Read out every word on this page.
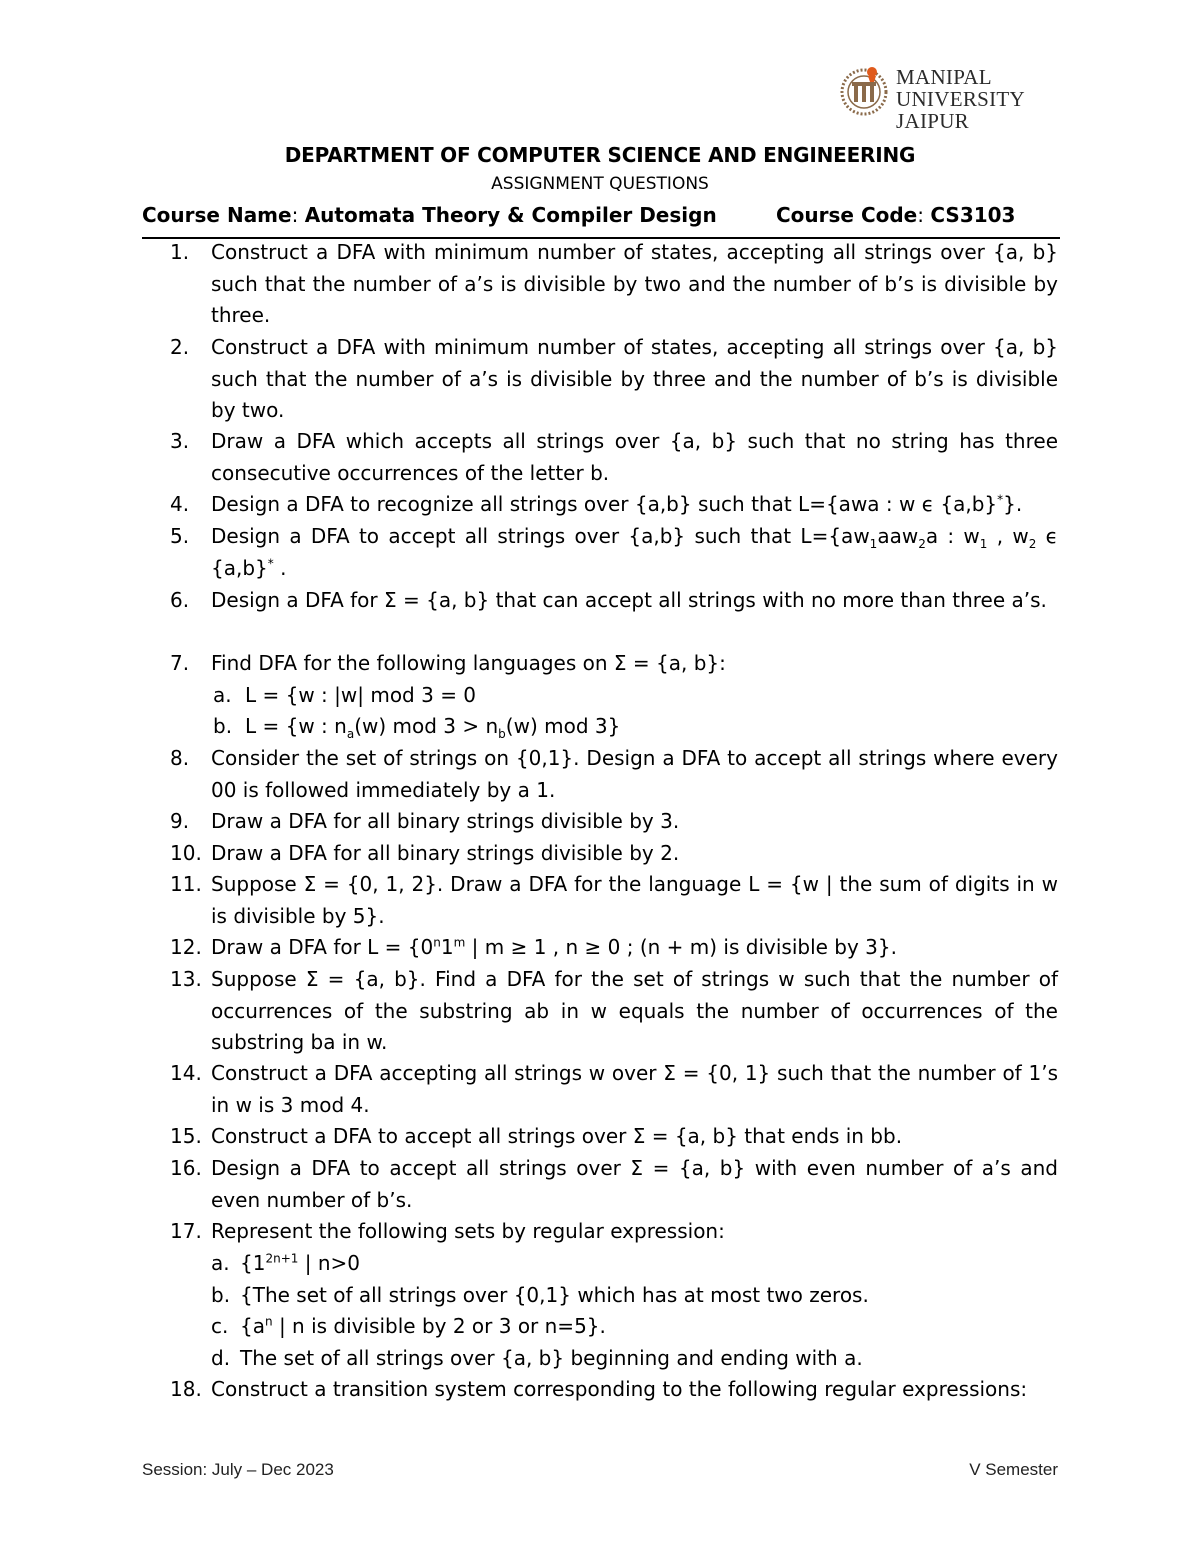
MANIPAL UNIVERSITY
JAIPUR
DEPARTMENT OF COMPUTER SCIENCE AND ENGINEERING
ASSIGNMENT QUESTIONS
Course Name: Automata Theory & Compiler Design	Course Code: CS3103
1. Construct a DFA with minimum number of states, accepting all strings over {a, b} such that the number of a’s is divisible by two and the number of b’s is divisible by three.
2. Construct a DFA with minimum number of states, accepting all strings over {a, b} such that the number of a’s is divisible by three and the number of b’s is divisible by two.
3. Draw a DFA which accepts all strings over {a, b} such that no string has three consecutive occurrences of the letter b.
4. Design a DFA to recognize all strings over {a,b} such that L={awa : w ϵ {a,b}*}.
5. Design a DFA to accept all strings over {a,b} such that $L=\{aw_1aaw_2a$ : $w_1$ , $w_2$ ϵ {a,b}* .
6. Design a DFA for Σ = {a, b} that can accept all strings with no more than three a’s.
7. Find DFA for the following languages on Σ = {a, b}:
a. L = {w : |w| mod 3 = 0
b. L = {w : $n_a(w)$ mod $3 > n_b(w)$ mod 3}
8. Consider the set of strings on {0,1}. Design a DFA to accept all strings where every 00 is followed immediately by a 1.
9. Draw a DFA for all binary strings divisible by 3.
10. Draw a DFA for all binary strings divisible by 2.
11. Suppose Σ = {0, 1, 2}. Draw a DFA for the language L = {w | the sum of digits in w is divisible by 5}.
12. Draw a DFA for $L = \{0^n1^m$ | m ≥ 1 , n ≥ 0 ; (n + m) is divisible by 3}.
13. Suppose Σ = {a, b}. Find a DFA for the set of strings w such that the number of occurrences of the substring ab in w equals the number of occurrences of the substring ba in w.
14. Construct a DFA accepting all strings w over Σ = {0, 1} such that the number of 1’s in w is 3 mod 4.
15. Construct a DFA to accept all strings over Σ = {a, b} that ends in bb.
16. Design a DFA to accept all strings over Σ = {a, b} with even number of a’s and even number of b’s.
17. Represent the following sets by regular expression:
a. {$1^{2n+1}$ | n>0
b. {The set of all strings over {0,1} which has at most two zeros.
c. {$a^n$ | n is divisible by 2 or 3 or n=5}.
d. The set of all strings over {a, b} beginning and ending with a.
18. Construct a transition system corresponding to the following regular expressions:
Session: July – Dec 2023	V Semester
